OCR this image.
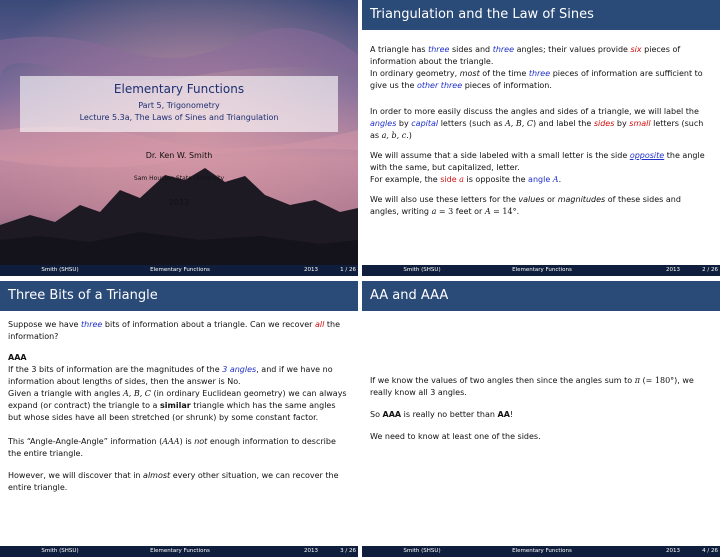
Elementary Functions
Part 5, Trigonometry
Lecture 5.3a, The Laws of Sines and Triangulation
Dr. Ken W. Smith
Sam Houston State University
2013
Smith (SHSU)	Elementary Functions	2013	1 / 26
Triangulation and the Law of Sines

A triangle has three sides and three angles; their values provide six pieces of information about the triangle.
In ordinary geometry, most of the time three pieces of information are sufficient to give us the other three pieces of information.

In order to more easily discuss the angles and sides of a triangle, we will label the angles by capital letters (such as A, B, C) and label the sides by small letters (such as a, b, c.)

We will assume that a side labeled with a small letter is the side opposite the angle with the same, but capitalized, letter.
For example, the side a is opposite the angle A.

We will also use these letters for the values or magnitudes of these sides and angles, writing a = 3 feet or A = 14°.

Smith (SHSU)	Elementary Functions	2013	2 / 26
Three Bits of a Triangle

Suppose we have three bits of information about a triangle. Can we recover all the information?

AAA

If the 3 bits of information are the magnitudes of the 3 angles, and if we have no information about lengths of sides, then the answer is No.
Given a triangle with angles A, B, C (in ordinary Euclidean geometry) we can always expand (or contract) the triangle to a similar triangle which has the same angles but whose sides have all been stretched (or shrunk) by some constant factor.

This “Angle-Angle-Angle” information (AAA) is not enough information to describe the entire triangle.

However, we will discover that in almost every other situation, we can recover the entire triangle.

Smith (SHSU)	Elementary Functions	2013	3 / 26
AA and AAA

If we know the values of two angles then since the angles sum to π (= 180°), we really know all 3 angles.

So AAA is really no better than AA!

We need to know at least one of the sides.

Smith (SHSU)	Elementary Functions	2013	4 / 26
